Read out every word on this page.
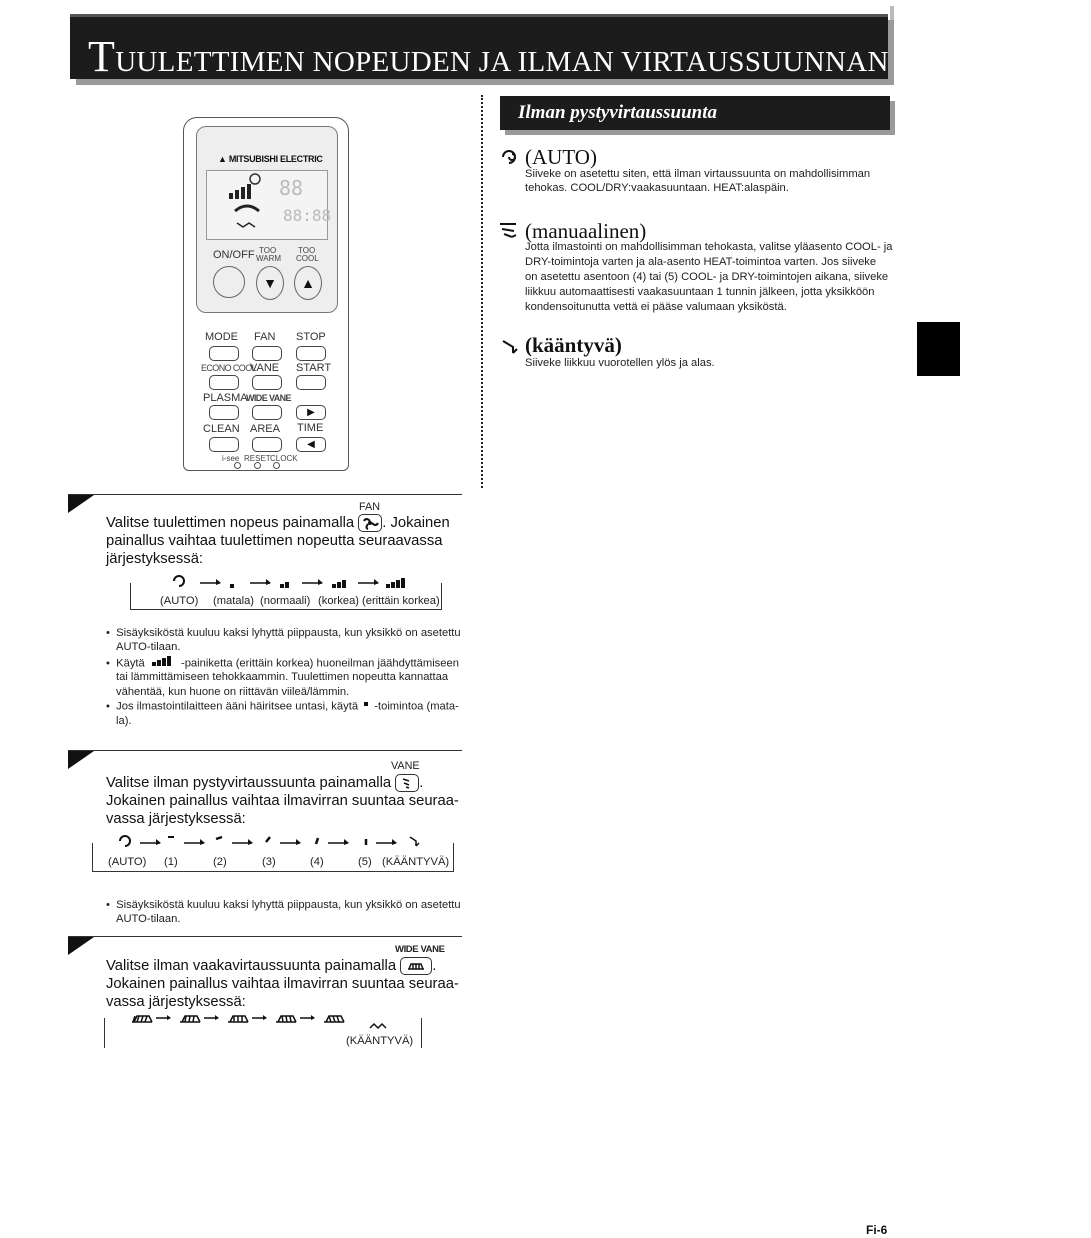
TUULETTIMEN NOPEUDEN JA ILMAN VIRTAUSSUUNNAN SÄÄTÄMINEN
▲ MITSUBISHI ELECTRIC
88
88:88
ON/OFF TOO
WARM
TOO
COOL
▼	▲
MODE FAN STOP
ECONO COOL
VANE START
PLASMA
WIDE VANE
▶
CLEAN AREA TIME
◀
i-see RESET CLOCK
Ilman pystyvirtaussuunta
(AUTO)
Siiveke on asetettu siten, että ilman virtaussuunta on mahdollisimman
tehokas. COOL/DRY:vaakasuuntaan. HEAT:alaspäin.
(manuaalinen)
Jotta ilmastointi on mahdollisimman tehokasta, valitse yläasento COOL- ja
DRY-toimintoja varten ja ala-asento HEAT-toimintoa varten. Jos siiveke
on asetettu asentoon (4) tai (5) COOL- ja DRY-toimintojen aikana, siiveke
liikkuu automaattisesti vaakasuuntaan 1 tunnin jälkeen, jotta yksikköön
kondensoitunutta vettä ei pääse valumaan yksiköstä.
(kääntyvä)
Siiveke liikkuu vuorotellen ylös ja alas.
FAN
Valitse tuulettimen nopeus painamalla . Jokainen
painallus vaihtaa tuulettimen nopeutta seuraavassa
järjestyksessä:
(AUTO) (matala) (normaali) (korkea) (erittäin korkea)
•  Sisäyksiköstä kuuluu kaksi lyhyttä piippausta, kun yksikkö on asetettu
AUTO-tilaan.
•  Käytä	-painiketta (erittäin korkea) huoneilman jäähdyttämiseen
tai lämmittämiseen tehokkaammin. Tuulettimen nopeutta kannattaa
vähentää, kun huone on riittävän viileä/lämmin.
•  Jos ilmastointilaitteen ääni häiritsee untasi, käytä -toimintoa (mata-
la).
VANE
Valitse ilman pystyvirtaussuunta painamalla .
Jokainen painallus vaihtaa ilmavirran suuntaa seuraa-
vassa järjestyksessä:
(AUTO) (1)	(2)	(3)	(4)	(5) (KÄÄNTYVÄ)
•  Sisäyksiköstä kuuluu kaksi lyhyttä piippausta, kun yksikkö on asetettu
AUTO-tilaan.
WIDE VANE
Valitse ilman vaakavirtaussuunta painamalla .
Jokainen painallus vaihtaa ilmavirran suuntaa seuraa-
vassa järjestyksessä:
(KÄÄNTYVÄ)
Fi-6
